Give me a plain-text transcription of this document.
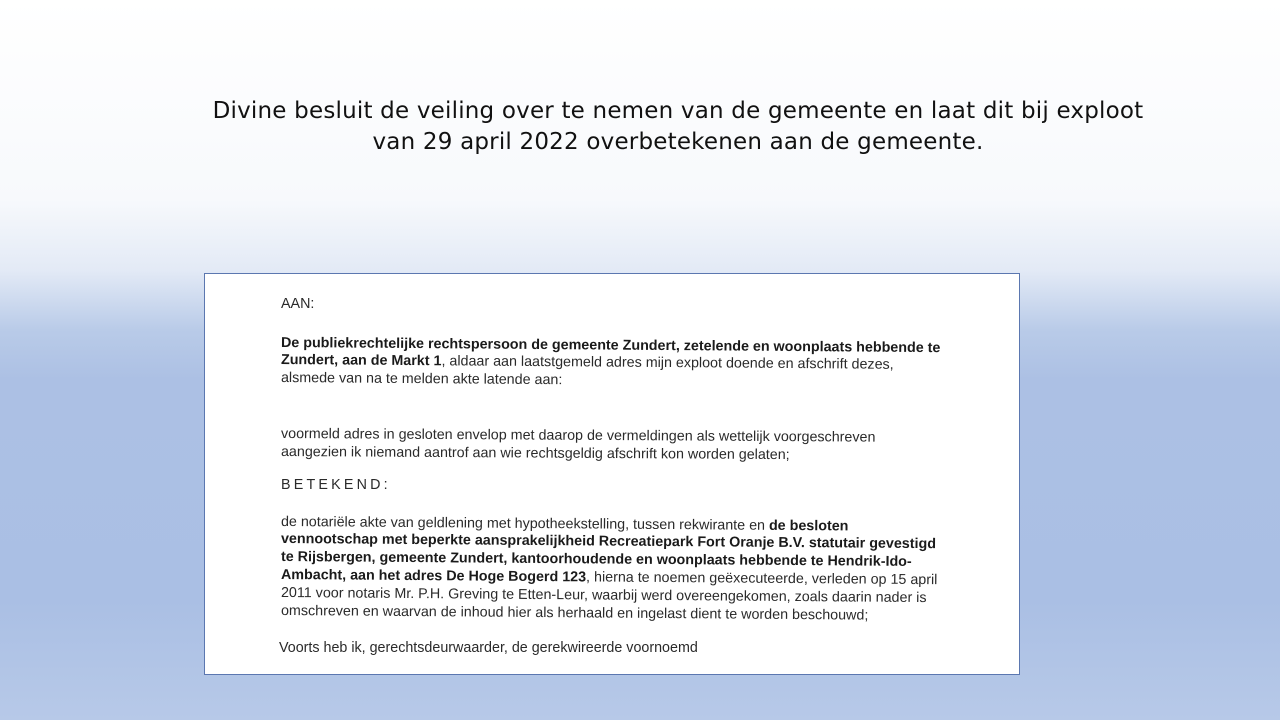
Divine besluit de veiling over te nemen van de gemeente en laat dit bij exploot
van 29 april 2022 overbetekenen aan de gemeente.
AAN:
De publiekrechtelijke rechtspersoon de gemeente Zundert, zetelende en woonplaats hebbende te
Zundert, aan de Markt 1, aldaar aan laatstgemeld adres mijn exploot doende en afschrift dezes,
alsmede van na te melden akte latende aan:
voormeld adres in gesloten envelop met daarop de vermeldingen als wettelijk voorgeschreven
aangezien ik niemand aantrof aan wie rechtsgeldig afschrift kon worden gelaten;
BETEKEND:
de notariële akte van geldlening met hypotheekstelling, tussen rekwirante en de besloten
vennootschap met beperkte aansprakelijkheid Recreatiepark Fort Oranje B.V. statutair gevestigd
te Rijsbergen, gemeente Zundert, kantoorhoudende en woonplaats hebbende te Hendrik-Ido-
Ambacht, aan het adres De Hoge Bogerd 123, hierna te noemen geëxecuteerde, verleden op 15 april
2011 voor notaris Mr. P.H. Greving te Etten-Leur, waarbij werd overeengekomen, zoals daarin nader is
omschreven en waarvan de inhoud hier als herhaald en ingelast dient te worden beschouwd;
Voorts heb ik, gerechtsdeurwaarder, de gerekwireerde voornoemd
